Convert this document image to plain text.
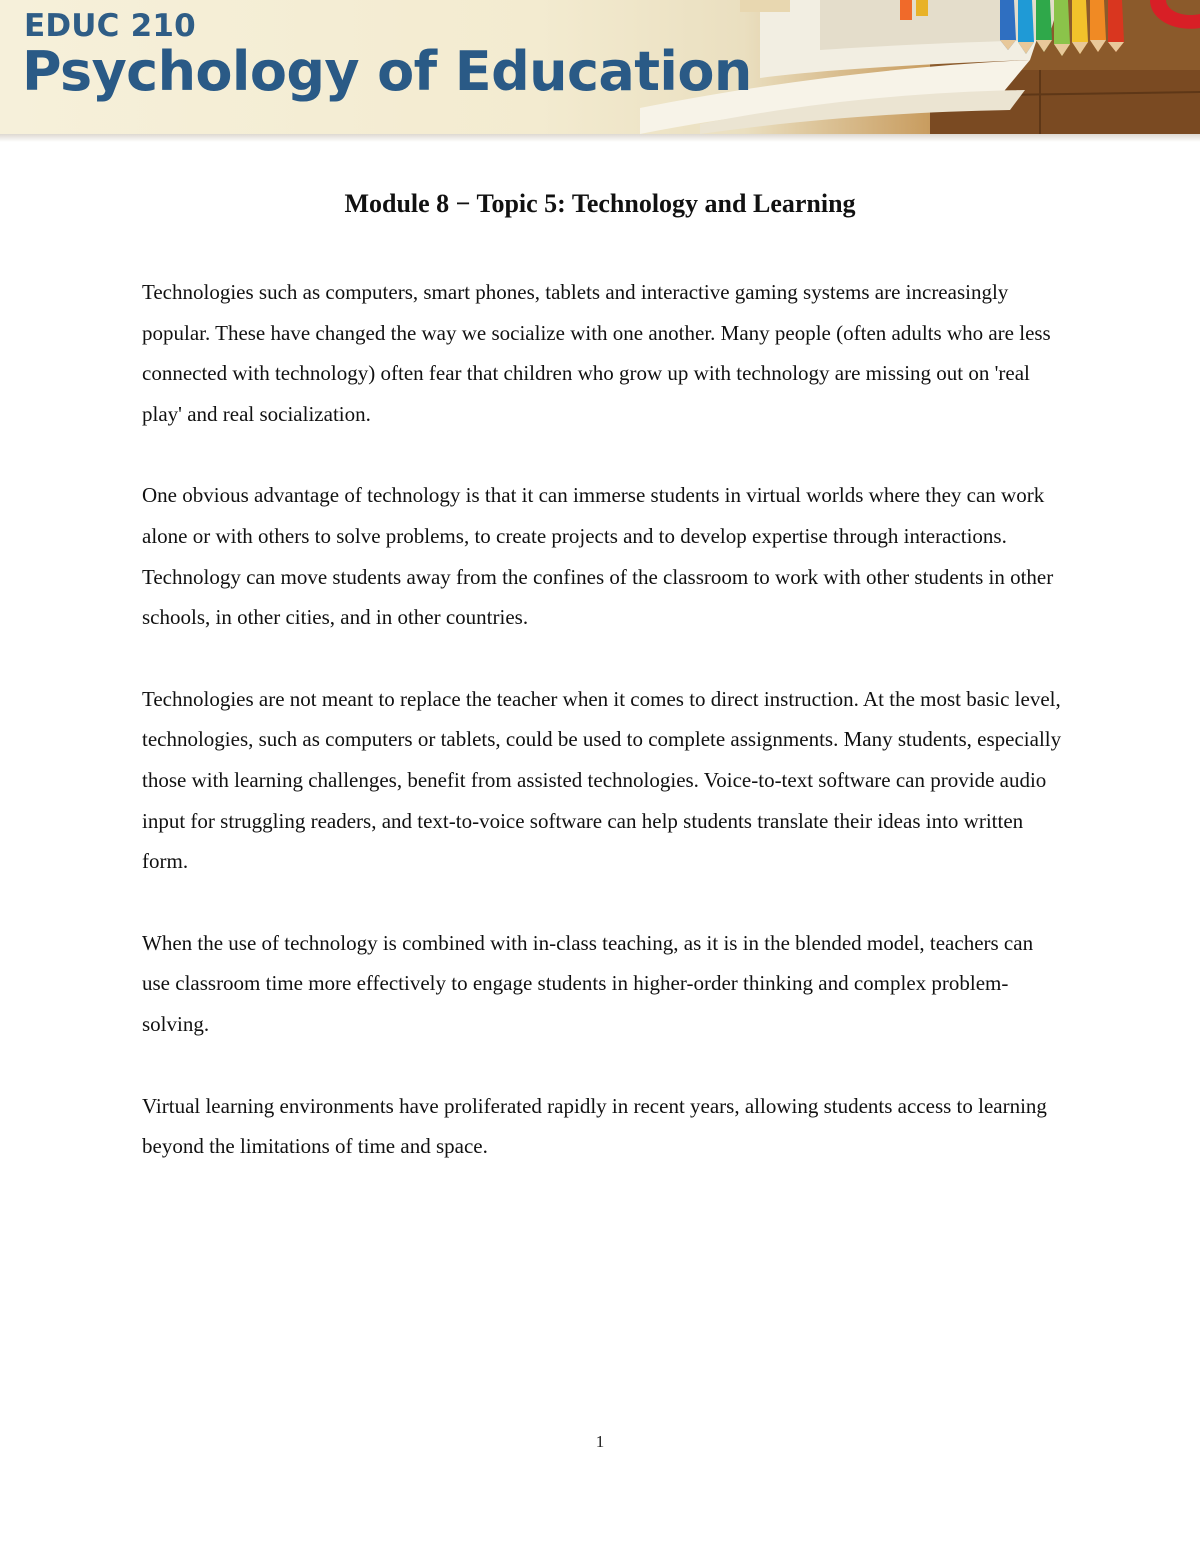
EDUC 210
Psychology of Education
Module 8 − Topic 5: Technology and Learning

Technologies such as computers, smart phones, tablets and interactive gaming systems are increasingly popular. These have changed the way we socialize with one another. Many people (often adults who are less connected with technology) often fear that children who grow up with technology are missing out on 'real play' and real socialization.

One obvious advantage of technology is that it can immerse students in virtual worlds where they can work alone or with others to solve problems, to create projects and to develop expertise through interactions. Technology can move students away from the confines of the classroom to work with other students in other schools, in other cities, and in other countries.

Technologies are not meant to replace the teacher when it comes to direct instruction. At the most basic level, technologies, such as computers or tablets, could be used to complete assignments. Many students, especially those with learning challenges, benefit from assisted technologies. Voice-to-text software can provide audio input for struggling readers, and text-to-voice software can help students translate their ideas into written form.

When the use of technology is combined with in-class teaching, as it is in the blended model, teachers can use classroom time more effectively to engage students in higher-order thinking and complex problem-solving.

Virtual learning environments have proliferated rapidly in recent years, allowing students access to learning beyond the limitations of time and space.

1
